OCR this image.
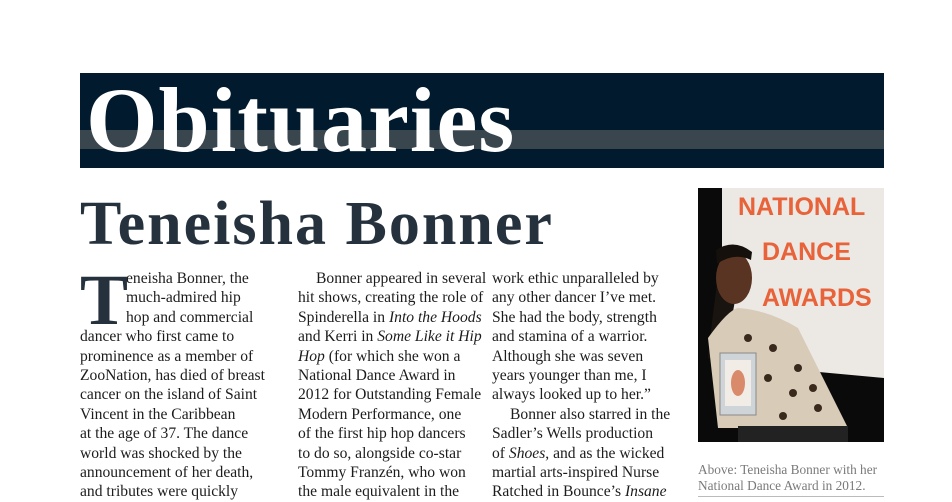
Obituaries
Teneisha Bonner
T
eneisha Bonner, the
much-admired hip
hop and commercial
dancer who first came to
prominence as a member of
ZooNation, has died of breast
cancer on the island of Saint
Vincent in the Caribbean
at the age of 37. The dance
world was shocked by the
announcement of her death,
and tributes were quickly
Bonner appeared in several
hit shows, creating the role of
Spinderella in Into the Hoods
and Kerri in Some Like it Hip
Hop (for which she won a
National Dance Award in
2012 for Outstanding Female
Modern Performance, one
of the first hip hop dancers
to do so, alongside co-star
Tommy Franzén, who won
the male equivalent in the
work ethic unparalleled by
any other dancer I’ve met.
She had the body, strength
and stamina of a warrior.
Although she was seven
years younger than me, I
always looked up to her.”
Bonner also starred in the
Sadler’s Wells production
of Shoes, and as the wicked
martial arts-inspired Nurse
Ratched in Bounce’s Insane
NATIONAL
DANCE
AWARDS
Above: Teneisha Bonner with her National Dance Award in 2012.
